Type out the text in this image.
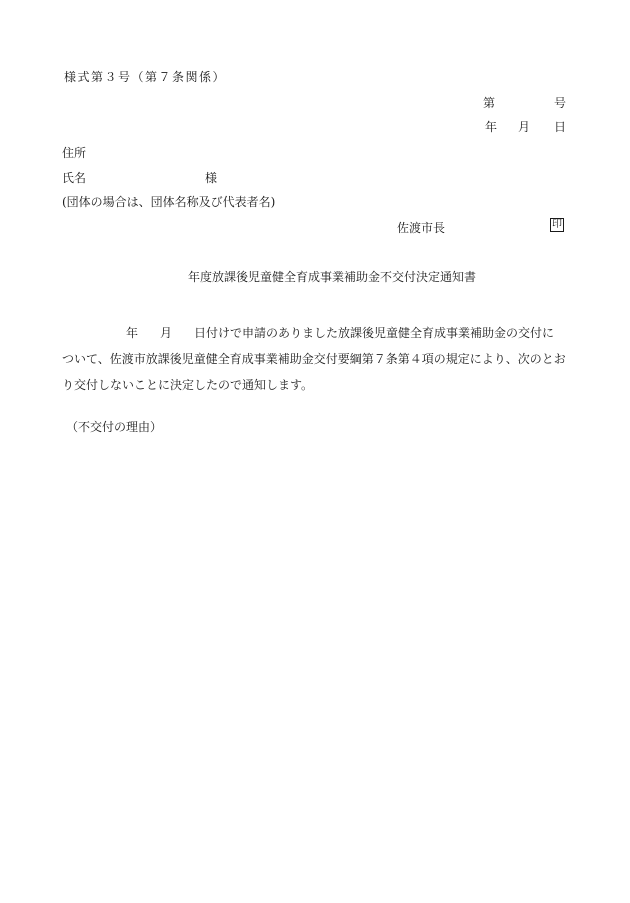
様式第３号（第７条関係）
第	号
年 月 日
住所
氏名	様
(団体の場合は、団体名称及び代表者名)
佐渡市長	印
年度放課後児童健全育成事業補助金不交付決定通知書
年 月 日付けで申請のありました放課後児童健全育成事業補助金の交付に
ついて、佐渡市放課後児童健全育成事業補助金交付要綱第７条第４項の規定により、次のとお
り交付しないことに決定したので通知します。
（不交付の理由）
